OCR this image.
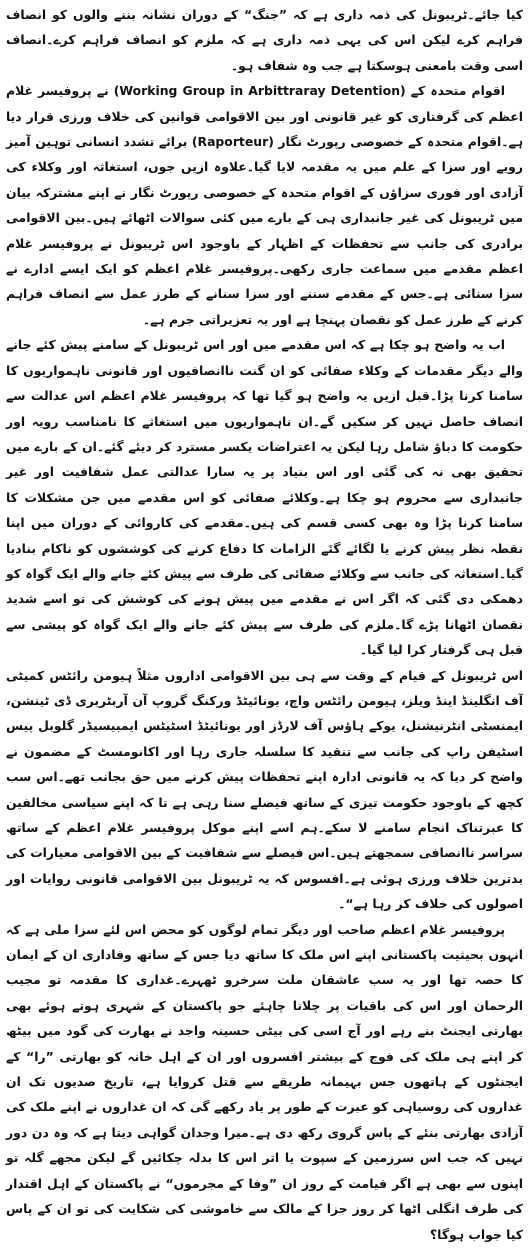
کیا جائے۔ٹریبونل کی ذمہ داری ہے کہ ”جنگ“ کے دوران نشانہ بننے والوں کو انصاف فراہم کرے لیکن اس کی یہی ذمہ داری ہے کہ ملزم کو انصاف فراہم کرے۔انصاف اسی وقت بامعنی ہوسکتا ہے جب وہ شفاف ہو۔

اقوام متحدہ کے (Working Group in Arbittraray Detention) نے پروفیسر غلام اعظم کی گرفتاری کو غیر قانونی اور بین الاقوامی قوانین کی خلاف ورزی قرار دیا ہے۔اقوام متحدہ کے خصوصی رپورٹ نگار (Raporteur) برائے تشدد انسانی توہین آمیز رویے اور سزا کے علم میں یہ مقدمہ لایا گیا۔علاوہ ازیں جوں، استغاثہ اور وکلاء کی آزادی اور فوری سزاؤں کے اقوام متحدہ کے خصوصی رپورٹ نگار نے اپنے مشترکہ بیان میں ٹریبونل کی غیر جانبداری ہی کے بارے میں کئی سوالات اٹھائے ہیں۔بین الاقوامی برادری کی جانب سے تحفظات کے اظہار کے باوجود اس ٹریبونل نے پروفیسر غلام اعظم مقدمے میں سماعت جاری رکھی۔پروفیسر غلام اعظم کو ایک ایسے ادارے نے سزا سنائی ہے۔جس کے مقدمے سننے اور سزا سنانے کے طرز عمل سے انصاف فراہم کرنے کے طرز عمل کو نقصان پہنچا ہے اور یہ تعزیراتی جرم ہے۔

اب یہ واضح ہو چکا ہے کہ اس مقدمے میں اور اس ٹریبونل کے سامنے پیش کئے جانے والے دیگر مقدمات کے وکلاء صفائی کو ان گنت ناانصافیوں اور قانونی ناہمواریوں کا سامنا کرنا پڑا۔قبل ازیں یہ واضح ہو گیا تھا کہ پروفیسر غلام اعظم اس عدالت سے انصاف حاصل نہیں کر سکیں گے۔ان ناہمواریوں میں استغاثے کا نامناسب رویہ اور حکومت کا دباؤ شامل رہا لیکن یہ اعتراضات یکسر مسترد کر دیئے گئے۔ان کے بارے میں تحقیق بھی نہ کی گئی اور اس بنیاد پر یہ سارا عدالتی عمل شفافیت اور غیر جانبداری سے محروم ہو چکا ہے۔وکلائے صفائی کو اس مقدمے میں جن مشکلات کا سامنا کرنا پڑا وہ بھی کسی قسم کی ہیں۔مقدمے کی کاروائی کے دوران میں اپنا نقطہ نظر پیش کرنے یا لگائے گئے الزامات کا دفاع کرنے کی کوششوں کو ناکام بنادیا گیا۔استغاثہ کی جانب سے وکلائے صفائی کی طرف سے پیش کئے جانے والے ایک گواہ کو دھمکی دی گئی کہ اگر اس نے مقدمے میں پیش ہونے کی کوشش کی تو اسے شدید نقصان اٹھانا پڑے گا۔ملزم کی طرف سے پیش کئے جانے والے ایک گواہ کو پیشی سے قبل ہی گرفتار کرا لیا گیا۔

اس ٹریبونل کے قیام کے وقت سے ہی بین الاقوامی اداروں مثلاً ہیومن رائٹس کمیٹی آف انگلینڈ اینڈ ویلز، ہیومن رائٹس واچ، یونائیٹڈ ورکنگ گروپ آن آربٹریری ڈی ٹینشن، ایمنسٹی انٹرنیشنل، یوکے ہاؤس آف لارڈز اور یونائیٹڈ اسٹیٹس ایمبیسیڈر گلوبل پیس اسٹیفن راپ کی جانب سے تنقید کا سلسلہ جاری رہا اور اکانومسٹ کے مضمون نے واضح کر دیا کہ یہ قانونی ادارہ اپنے تحفظات پیش کرنے میں حق بجانب تھے۔اس سب کچھ کے باوجود حکومت تیزی کے ساتھ فیصلے سنا رہی ہے تا کہ اپنے سیاسی مخالفین کا عبرتناک انجام سامنے لا سکے۔ہم اسے اپنے موکل پروفیسر غلام اعظم کے ساتھ سراسر ناانصافی سمجھتے ہیں۔اس فیصلے سے شفافیت کے بین الاقوامی معیارات کی بدترین خلاف ورزی ہوئی ہے۔افسوس کہ یہ ٹریبونل بین الاقوامی قانونی روایات اور اصولوں کی خلاف کر رہا ہے“۔

پروفیسر غلام اعظم صاحب اور دیگر تمام لوگوں کو محض اس لئے سزا ملی ہے کہ انہوں بحیثیت پاکستانی اپنے اس ملک کا ساتھ دیا جس کے ساتھ وفاداری ان کے ایمان کا حصہ تھا اور یہ سب عاشقان ملت سرخرو ٹھہرے۔غداری کا مقدمہ تو مجیب الرحمان اور اس کی باقیات پر چلانا چاہئے جو پاکستان کے شہری ہوتے ہوئے بھی بھارتی ایجنٹ بنے رہے اور آج اسی کی بیٹی حسینہ واجد نے بھارت کی گود میں بیٹھ کر اپنے ہی ملک کی فوج کے بیشتر افسروں اور ان کے اہل خانہ کو بھارتی ”را“ کے ایجنٹوں کے ہاتھوں جس بہیمانہ طریقے سے قتل کروایا ہے، تاریخ صدیوں تک ان غداروں کی روسیاہی کو عبرت کے طور پر یاد رکھے گی کہ ان غداروں نے اپنے ملک کی آزادی بھارتی بنئے کے پاس گروی رکھ دی ہے۔میرا وجدان گواہی دیتا ہے کہ وہ دن دور نہیں کہ جب اس سرزمین کے سپوت یا اتر اس کا بدلہ چکائیں گے لیکن مجھے گلہ تو اپنوں سے بھی ہے اگر قیامت کے روز ان ”وفا کے مجرموں“ نے پاکستان کے اہل اقتدار کی طرف انگلی اٹھا کر روز جزا کے مالک سے خاموشی کی شکایت کی تو ان کے پاس کیا جواب ہوگا؟
